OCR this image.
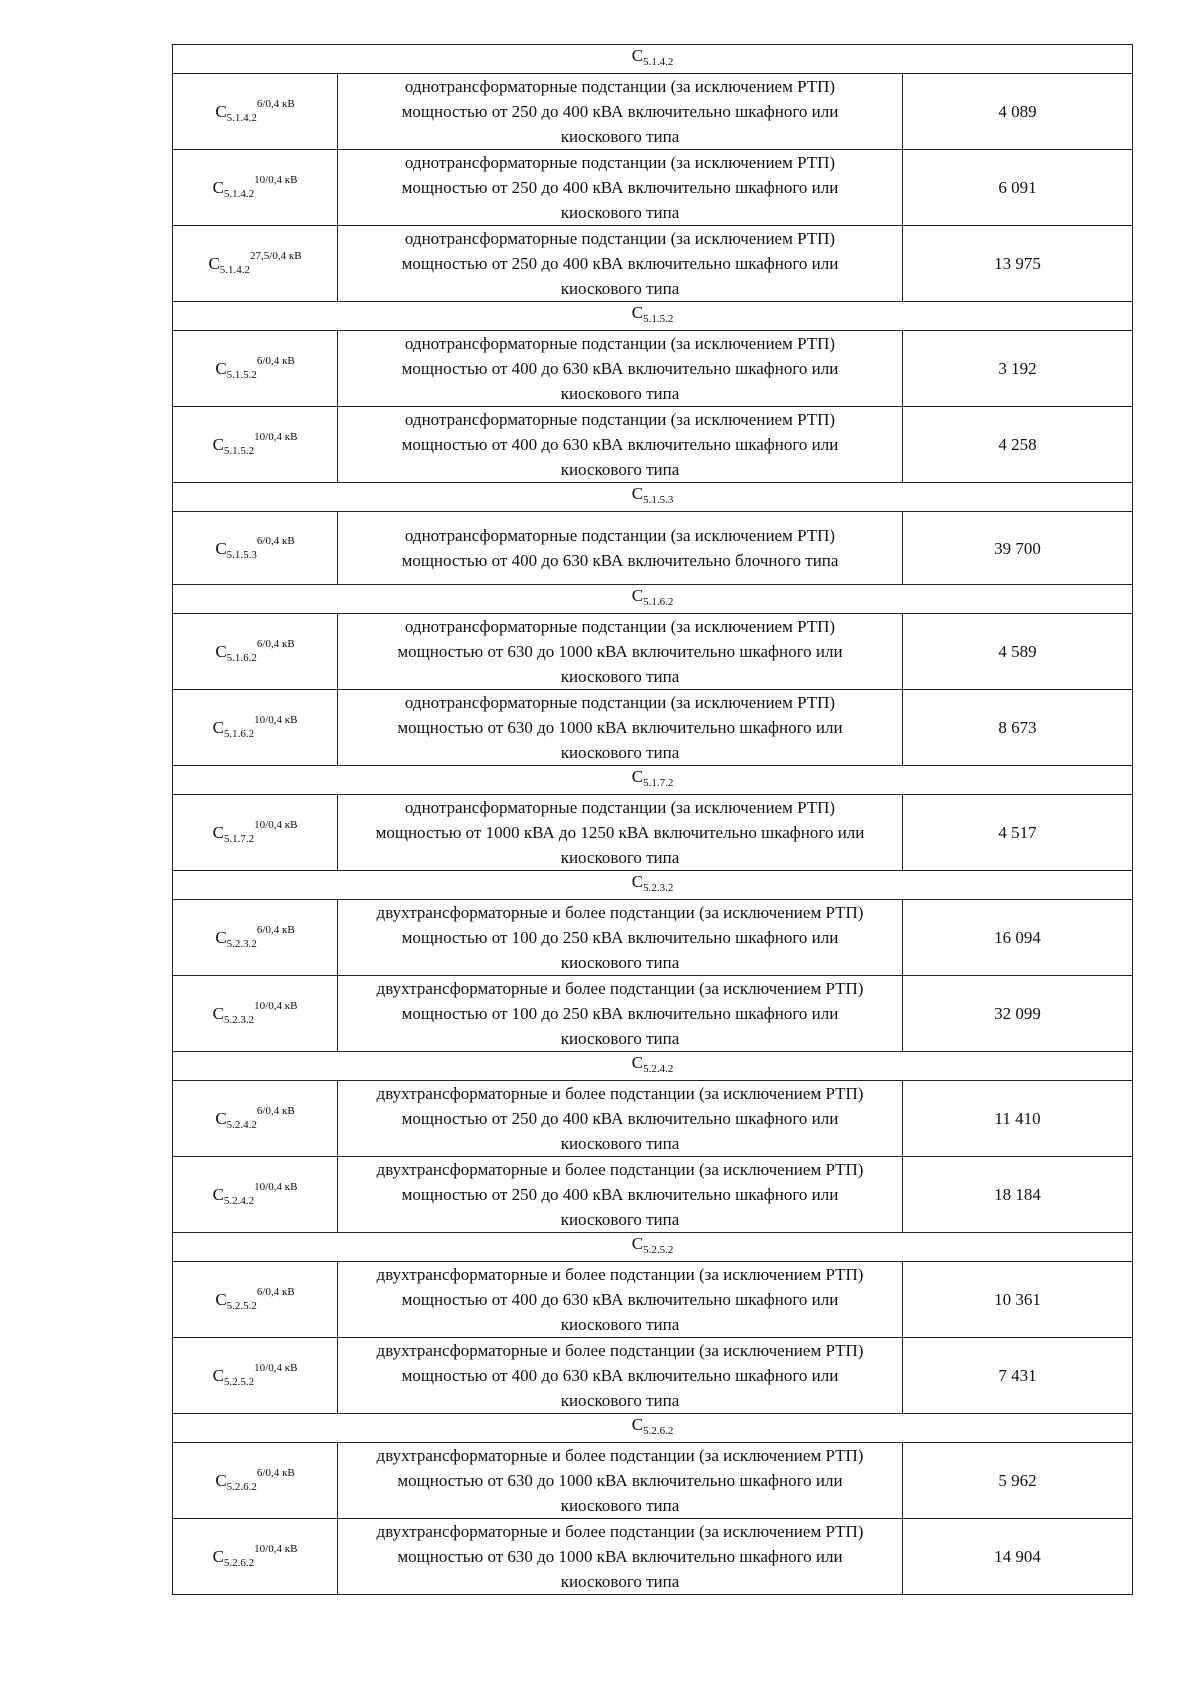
$С_{5.1.4.2}$
$С_{5.1.4.2}^{6/0,4 кВ}$	однотрансформаторные подстанции (за исключением РТП)
мощностью от 250 до 400 кВА включительно шкафного или
киоскового типа	4 089
$С_{5.1.4.2}^{10/0,4 кВ}$	однотрансформаторные подстанции (за исключением РТП)
мощностью от 250 до 400 кВА включительно шкафного или
киоскового типа	6 091
$С_{5.1.4.2}^{27,5/0,4 кВ}$	однотрансформаторные подстанции (за исключением РТП)
мощностью от 250 до 400 кВА включительно шкафного или
киоскового типа	13 975
$С_{5.1.5.2}$
$С_{5.1.5.2}^{6/0,4 кВ}$	однотрансформаторные подстанции (за исключением РТП)
мощностью от 400 до 630 кВА включительно шкафного или
киоскового типа	3 192
$С_{5.1.5.2}^{10/0,4 кВ}$	однотрансформаторные подстанции (за исключением РТП)
мощностью от 400 до 630 кВА включительно шкафного или
киоскового типа	4 258
$С_{5.1.5.3}$
$С_{5.1.5.3}^{6/0,4 кВ}$	однотрансформаторные подстанции (за исключением РТП)
мощностью от 400 до 630 кВА включительно блочного типа	39 700
$С_{5.1.6.2}$
$С_{5.1.6.2}^{6/0,4 кВ}$	однотрансформаторные подстанции (за исключением РТП)
мощностью от 630 до 1000 кВА включительно шкафного или
киоскового типа	4 589
$С_{5.1.6.2}^{10/0,4 кВ}$	однотрансформаторные подстанции (за исключением РТП)
мощностью от 630 до 1000 кВА включительно шкафного или
киоскового типа	8 673
$С_{5.1.7.2}$
$С_{5.1.7.2}^{10/0,4 кВ}$	однотрансформаторные подстанции (за исключением РТП)
мощностью от 1000 кВА до 1250 кВА включительно шкафного или
киоскового типа	4 517
$С_{5.2.3.2}$
$С_{5.2.3.2}^{6/0,4 кВ}$	двухтрансформаторные и более подстанции (за исключением РТП)
мощностью от 100 до 250 кВА включительно шкафного или
киоскового типа	16 094
$С_{5.2.3.2}^{10/0,4 кВ}$	двухтрансформаторные и более подстанции (за исключением РТП)
мощностью от 100 до 250 кВА включительно шкафного или
киоскового типа	32 099
$С_{5.2.4.2}$
$С_{5.2.4.2}^{6/0,4 кВ}$	двухтрансформаторные и более подстанции (за исключением РТП)
мощностью от 250 до 400 кВА включительно шкафного или
киоскового типа	11 410
$С_{5.2.4.2}^{10/0,4 кВ}$	двухтрансформаторные и более подстанции (за исключением РТП)
мощностью от 250 до 400 кВА включительно шкафного или
киоскового типа	18 184
$С_{5.2.5.2}$
$С_{5.2.5.2}^{6/0,4 кВ}$	двухтрансформаторные и более подстанции (за исключением РТП)
мощностью от 400 до 630 кВА включительно шкафного или
киоскового типа	10 361
$С_{5.2.5.2}^{10/0,4 кВ}$	двухтрансформаторные и более подстанции (за исключением РТП)
мощностью от 400 до 630 кВА включительно шкафного или
киоскового типа	7 431
$С_{5.2.6.2}$
$С_{5.2.6.2}^{6/0,4 кВ}$	двухтрансформаторные и более подстанции (за исключением РТП)
мощностью от 630 до 1000 кВА включительно шкафного или
киоскового типа	5 962
$С_{5.2.6.2}^{10/0,4 кВ}$	двухтрансформаторные и более подстанции (за исключением РТП)
мощностью от 630 до 1000 кВА включительно шкафного или
киоскового типа	14 904
